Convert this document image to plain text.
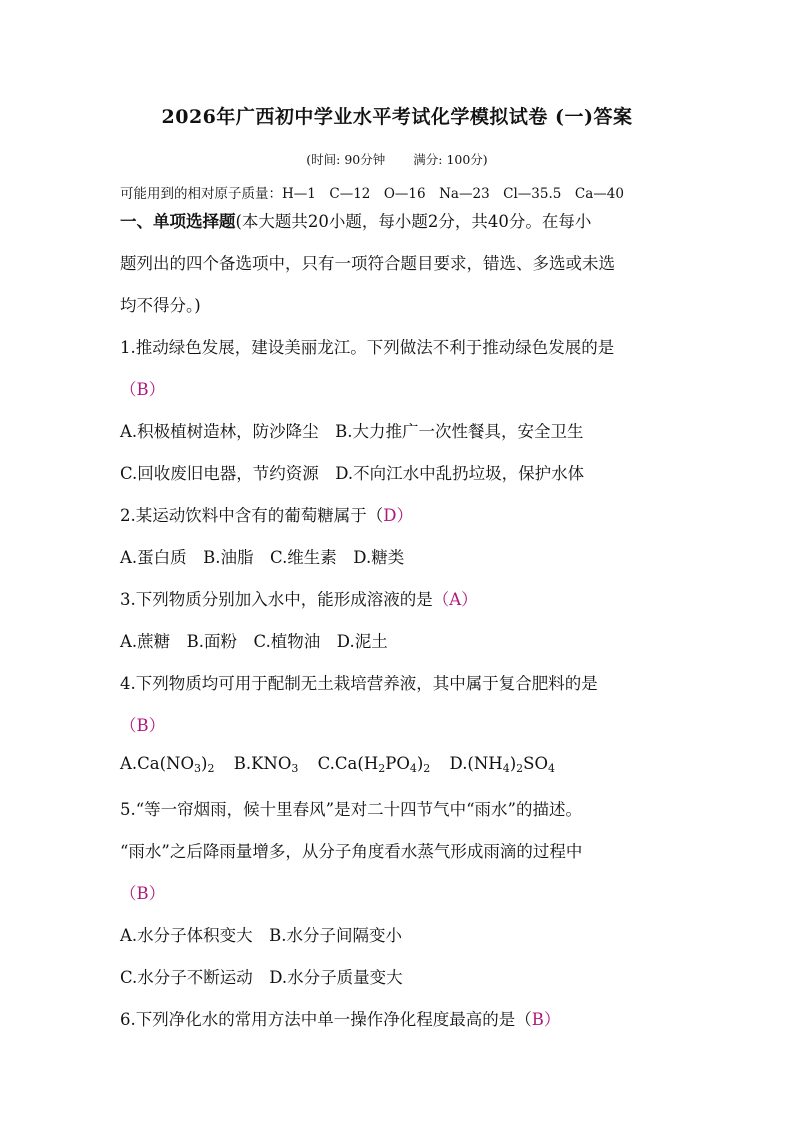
2026年广西初中学业水平考试化学模拟试卷 (一)答案
(时间: 90分钟 满分: 100分)
可能用到的相对原子质量：H—1　C—12　O—16　Na—23　Cl—35.5　Ca—40
一、单项选择题(本大题共20小题，每小题2分，共40分。在每小
题列出的四个备选项中，只有一项符合题目要求，错选、多选或未选
均不得分。)
1.推动绿色发展，建设美丽龙江。下列做法不利于推动绿色发展的是
（B）
A.积极植树造林，防沙降尘　B.大力推广一次性餐具，安全卫生
C.回收废旧电器，节约资源　D.不向江水中乱扔垃圾，保护水体
2.某运动饮料中含有的葡萄糖属于（D）
A.蛋白质　B.油脂　C.维生素　D.糖类
3.下列物质分别加入水中，能形成溶液的是（A）
A.蔗糖　B.面粉　C.植物油　D.泥土
4.下列物质均可用于配制无土栽培营养液，其中属于复合肥料的是
（B）
$A.Ca(NO_3)_2$ $B.KNO_3$ $C.Ca(H_2PO_4)_2$ $D.(NH_4)_2SO_4$
5.“等一帘烟雨，候十里春风”是对二十四节气中“雨水”的描述。
“雨水”之后降雨量增多，从分子角度看水蒸气形成雨滴的过程中
（B）
A.水分子体积变大　B.水分子间隔变小
C.水分子不断运动　D.水分子质量变大
6.下列净化水的常用方法中单一操作净化程度最高的是（B）
